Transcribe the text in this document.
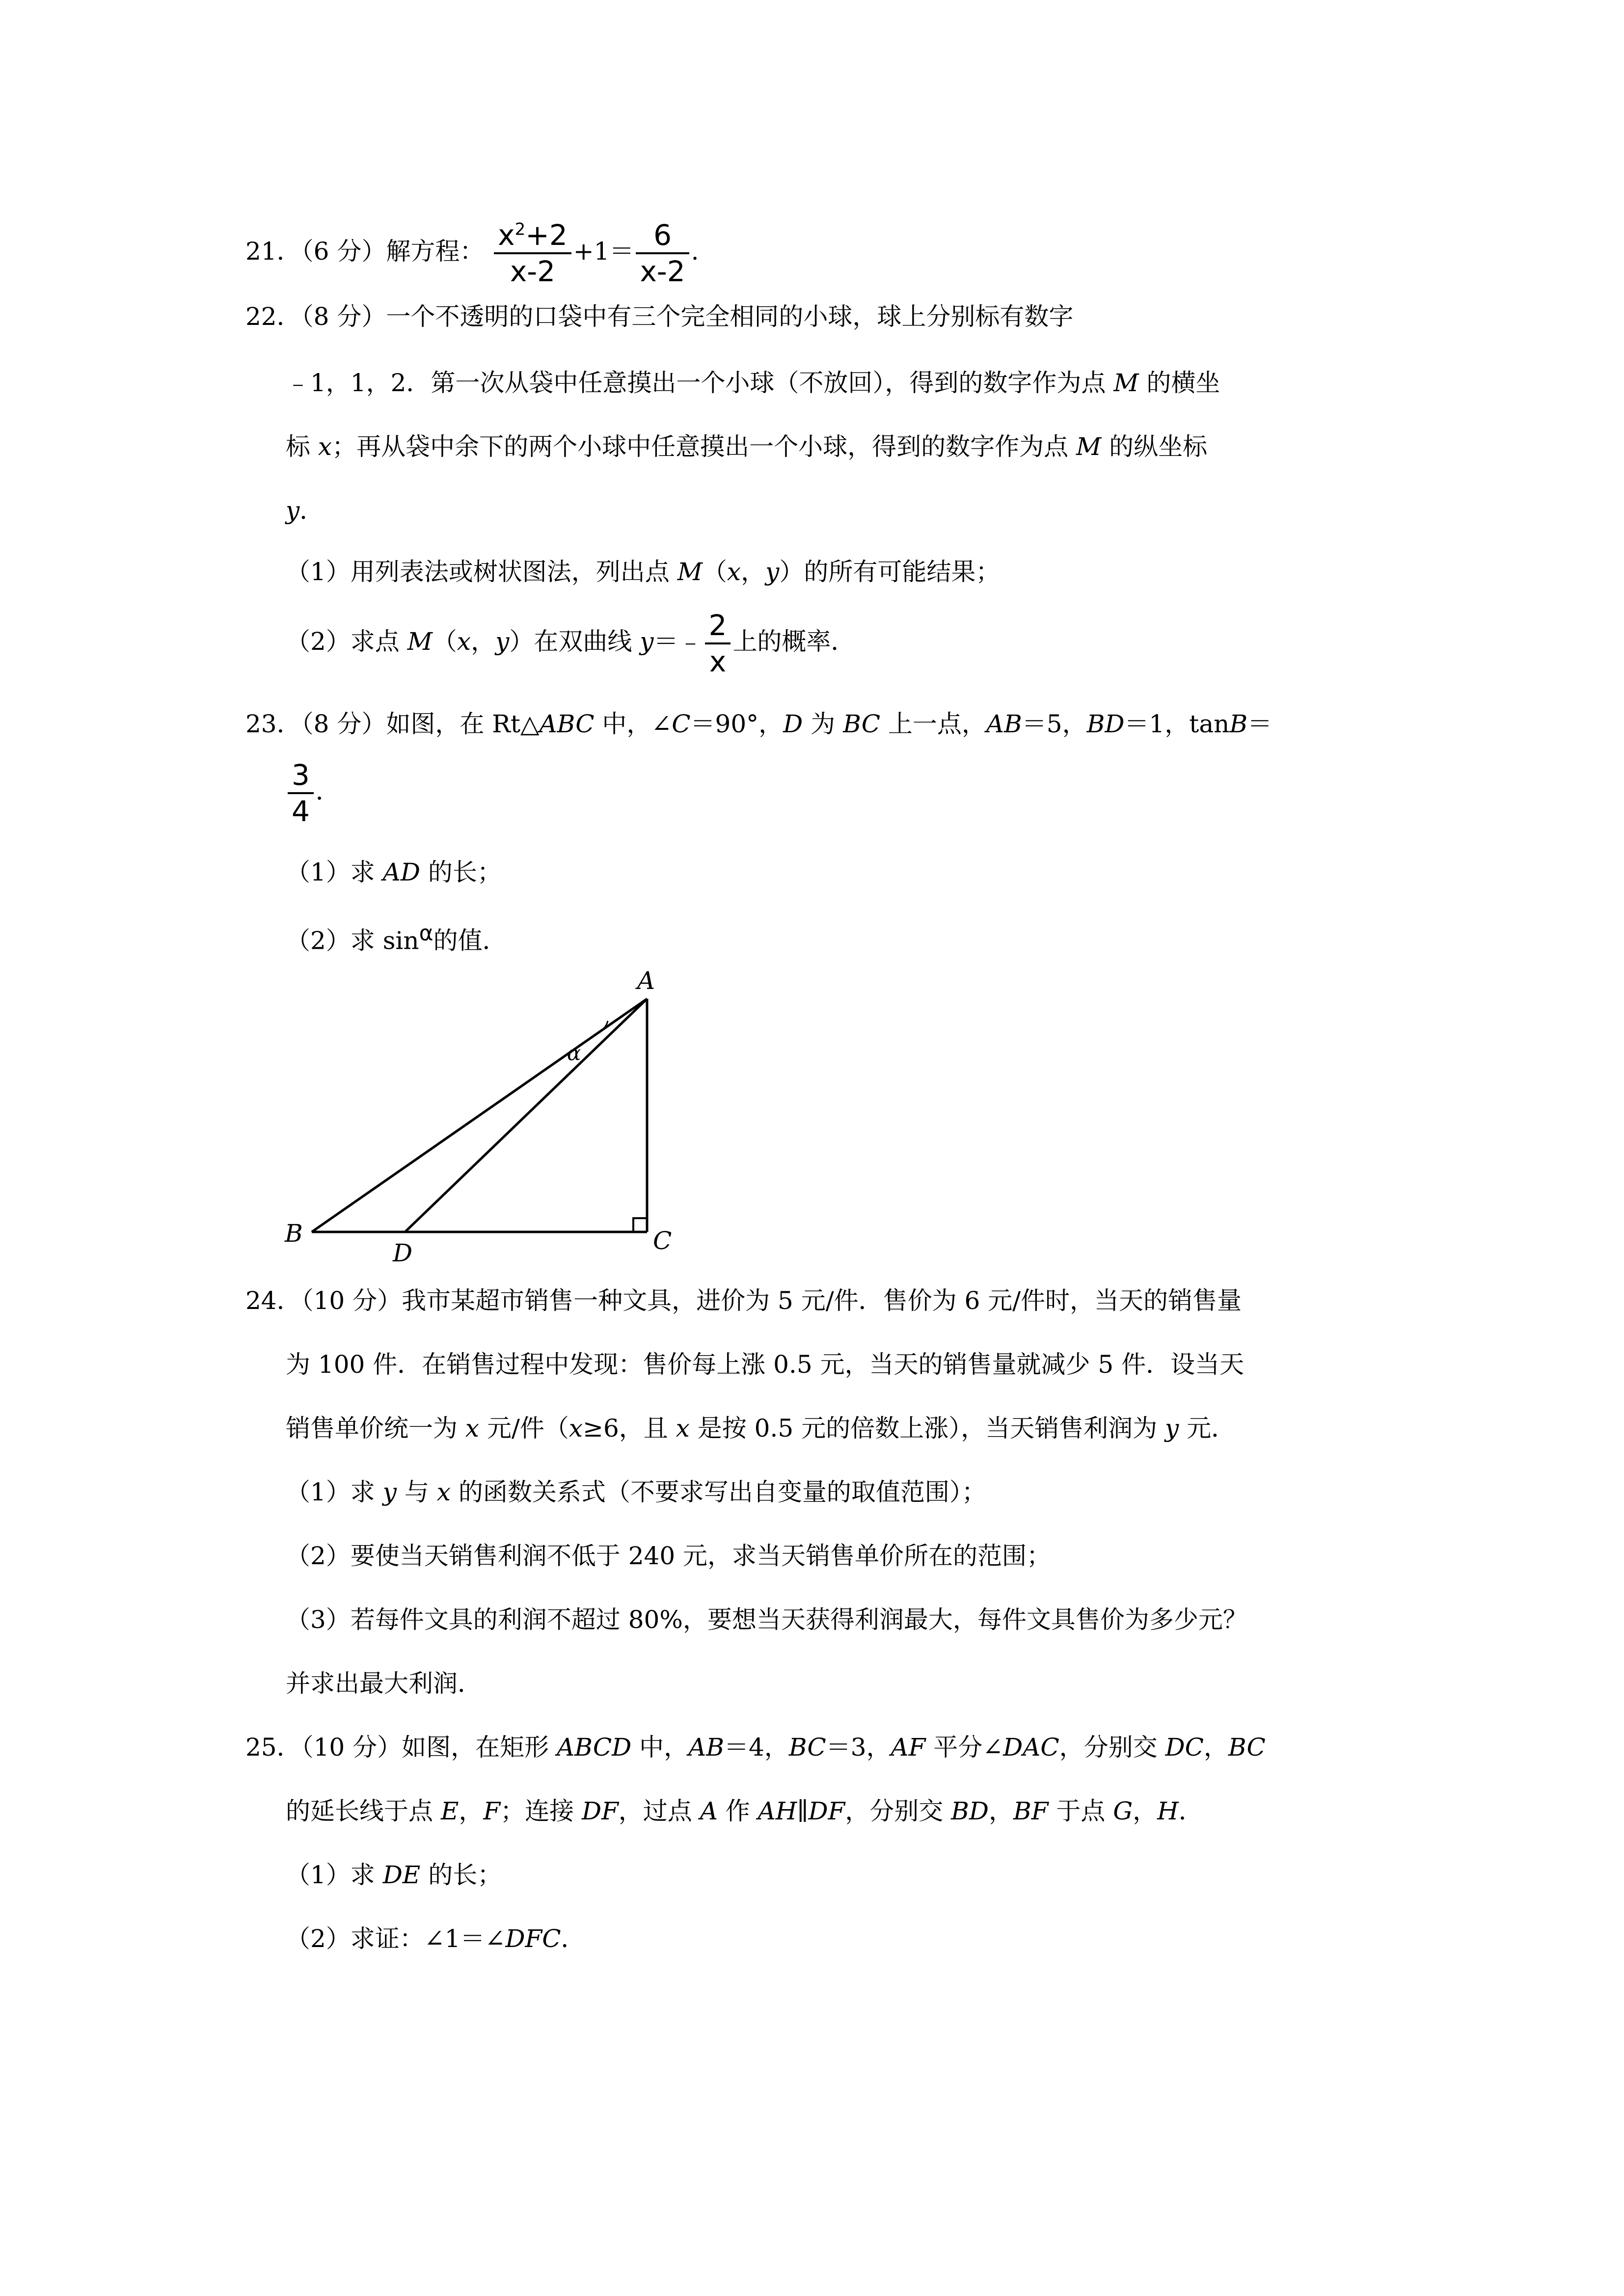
21．（6 分）解方程： $\frac{x^2+2}{x-2} +1= \frac{6}{x-2}$ .
22．（8 分）一个不透明的口袋中有三个完全相同的小球，球上分别标有数字
﹣1，1，2．第一次从袋中任意摸出一个小球（不放回），得到的数字作为点 M 的横坐
标 x；再从袋中余下的两个小球中任意摸出一个小球，得到的数字作为点 M 的纵坐标
y．
（1）用列表法或树状图法，列出点 M（x，y）的所有可能结果；
（2）求点 M（x，y）在双曲线 y＝﹣ $\frac{2}{x}$ 上的概率．
23．（8 分）如图，在 Rt△ABC 中，∠C＝90°，D 为 BC 上一点，AB＝5，BD＝1，tanB＝
$\frac{3}{4}$ ．
（1）求 AD 的长；
（2）求 $\sin^\alpha$的值．
A
B	C
D
α
24．（10 分）我市某超市销售一种文具，进价为 5 元/件．售价为 6 元/件时，当天的销售量
为 100 件．在销售过程中发现：售价每上涨 0.5 元，当天的销售量就减少 5 件．设当天
销售单价统一为 x 元/件（x≥6，且 x 是按 0.5 元的倍数上涨），当天销售利润为 y 元．
（1）求 y 与 x 的函数关系式（不要求写出自变量的取值范围）；
（2）要使当天销售利润不低于 240 元，求当天销售单价所在的范围；
（3）若每件文具的利润不超过 80%，要想当天获得利润最大，每件文具售价为多少元？
并求出最大利润．
25．（10 分）如图，在矩形 ABCD 中，AB＝4，BC＝3，AF 平分∠DAC，分别交 DC，BC
的延长线于点 E，F；连接 DF，过点 A 作 AH∥DF，分别交 BD，BF 于点 G，H．
（1）求 DE 的长；
（2）求证：∠1＝∠DFC．
